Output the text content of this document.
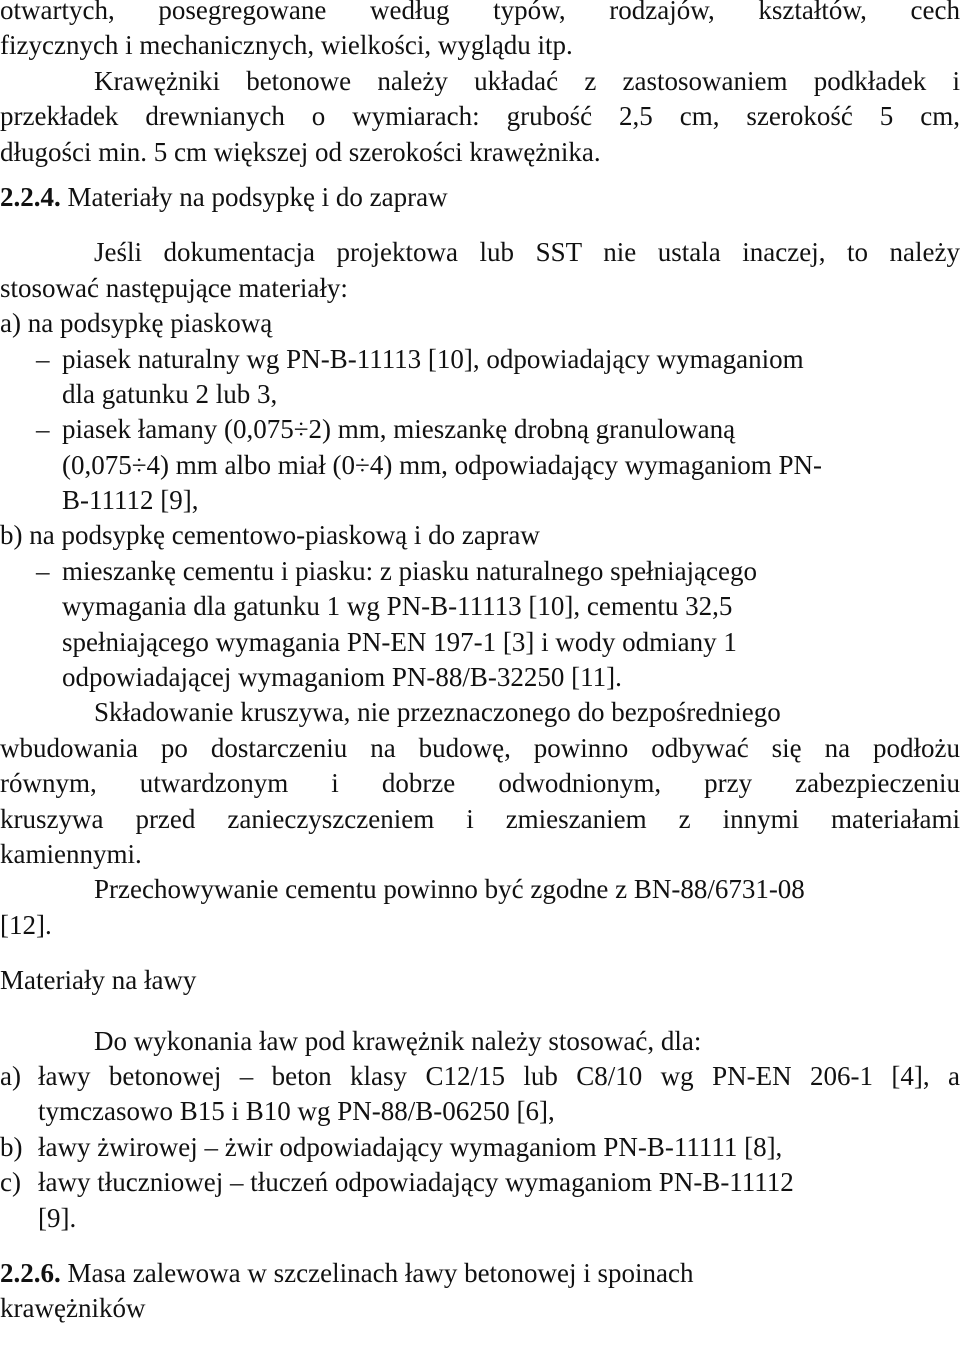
otwartych, posegregowane według typów, rodzajów, kształtów, cech
fizycznych i mechanicznych, wielkości, wyglądu itp.
Krawężniki betonowe należy układać z zastosowaniem podkładek i
przekładek drewnianych o wymiarach: grubość 2,5 cm, szerokość 5 cm,
długości min. 5 cm większej od szerokości krawężnika.
2.2.4. Materiały na podsypkę i do zapraw
Jeśli dokumentacja projektowa lub SST nie ustala inaczej, to należy
stosować następujące materiały:
a) na podsypkę piaskową
– piasek naturalny wg PN-B-11113 [10], odpowiadający wymaganiom
dla gatunku 2 lub 3,
– piasek łamany (0,075÷2) mm, mieszankę drobną granulowaną
(0,075÷4) mm albo miał (0÷4) mm, odpowiadający wymaganiom PN-
B-11112 [9],
b) na podsypkę cementowo-piaskową i do zapraw
– mieszankę cementu i piasku: z piasku naturalnego spełniającego
wymagania dla gatunku 1 wg PN-B-11113 [10], cementu 32,5
spełniającego wymagania PN-EN 197-1 [3] i wody odmiany 1
odpowiadającej wymaganiom PN-88/B-32250 [11].
Składowanie kruszywa, nie przeznaczonego do bezpośredniego
wbudowania po dostarczeniu na budowę, powinno odbywać się na podłożu
równym, utwardzonym i dobrze odwodnionym, przy zabezpieczeniu
kruszywa przed zanieczyszczeniem i zmieszaniem z innymi materiałami
kamiennymi.
Przechowywanie cementu powinno być zgodne z BN-88/6731-08
[12].
Materiały na ławy
Do wykonania ław pod krawężnik należy stosować, dla:
a) ławy betonowej – beton klasy C12/15 lub C8/10 wg PN-EN 206-1 [4], a
tymczasowo B15 i B10 wg PN-88/B-06250 [6],
b) ławy żwirowej – żwir odpowiadający wymaganiom PN-B-11111 [8],
c) ławy tłuczniowej – tłuczeń odpowiadający wymaganiom PN-B-11112
[9].
2.2.6. Masa zalewowa w szczelinach ławy betonowej i spoinach
krawężników
